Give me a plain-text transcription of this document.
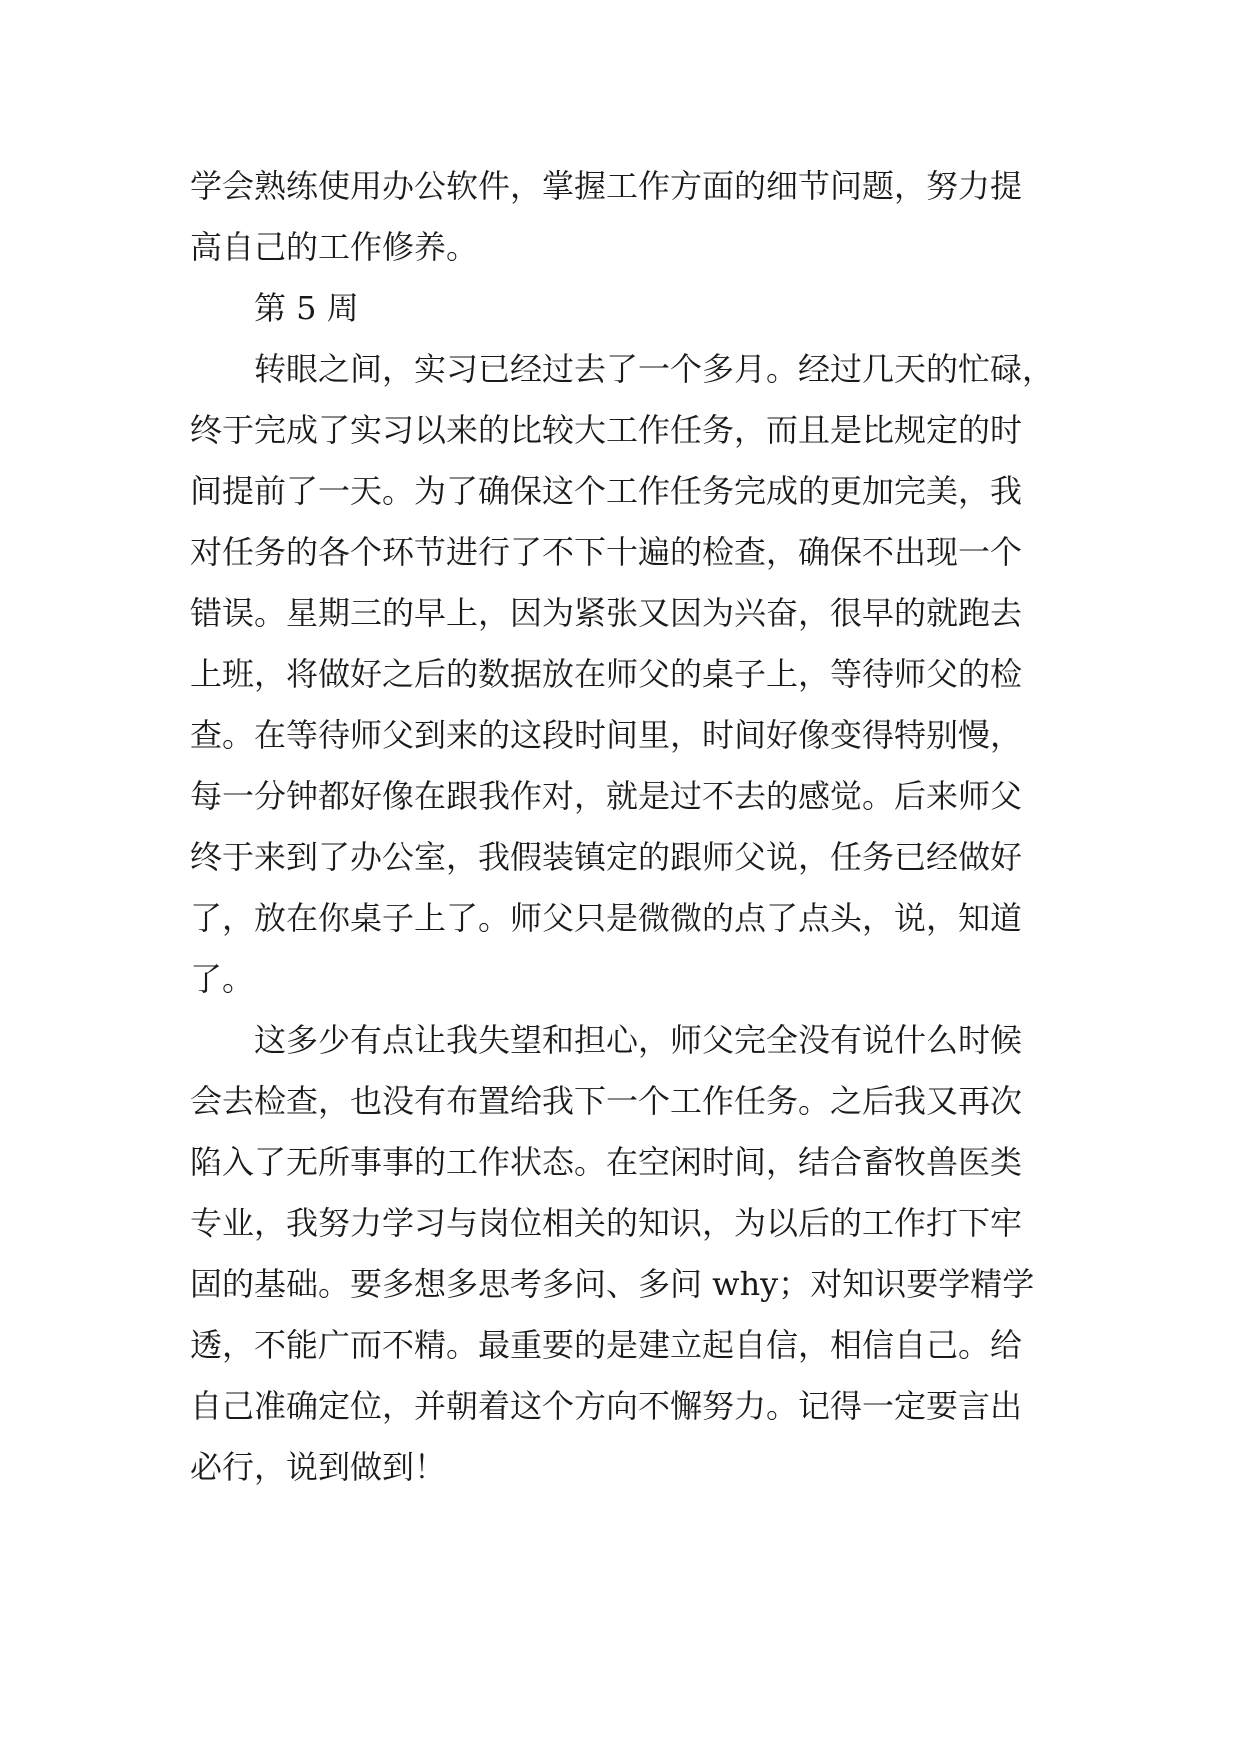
学会熟练使用办公软件，掌握工作方面的细节问题，努力提
高自己的工作修养。
第 5 周
转眼之间，实习已经过去了一个多月。经过几天的忙碌，
终于完成了实习以来的比较大工作任务，而且是比规定的时
间提前了一天。为了确保这个工作任务完成的更加完美，我
对任务的各个环节进行了不下十遍的检查，确保不出现一个
错误。星期三的早上，因为紧张又因为兴奋，很早的就跑去
上班，将做好之后的数据放在师父的桌子上，等待师父的检
查。在等待师父到来的这段时间里，时间好像变得特别慢，
每一分钟都好像在跟我作对，就是过不去的感觉。后来师父
终于来到了办公室，我假装镇定的跟师父说，任务已经做好
了，放在你桌子上了。师父只是微微的点了点头，说，知道
了。
这多少有点让我失望和担心，师父完全没有说什么时候
会去检查，也没有布置给我下一个工作任务。之后我又再次
陷入了无所事事的工作状态。在空闲时间，结合畜牧兽医类
专业，我努力学习与岗位相关的知识，为以后的工作打下牢
固的基础。要多想多思考多问、多问 why；对知识要学精学
透，不能广而不精。最重要的是建立起自信，相信自己。给
自己准确定位，并朝着这个方向不懈努力。记得一定要言出
必行，说到做到！
